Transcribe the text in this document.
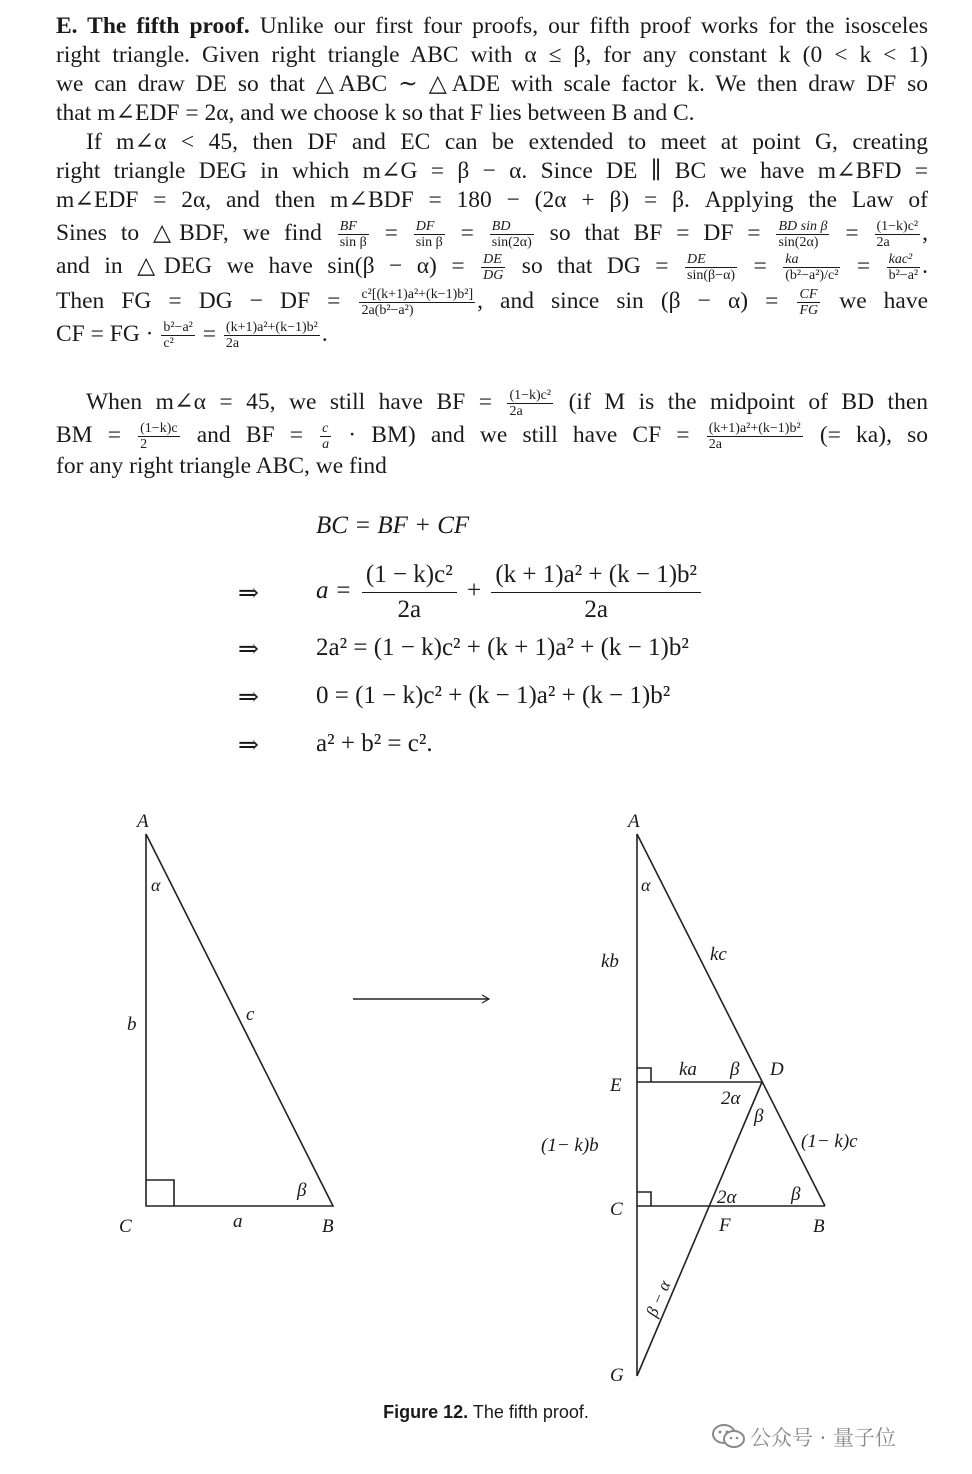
E. The fifth proof. Unlike our first four proofs, our fifth proof works for the isosceles
right triangle. Given right triangle ABC with α ≤ β, for any constant k (0 < k < 1)
we can draw DE so that △ABC ∼ △ADE with scale factor k. We then draw DF so
that m∠EDF = 2α, and we choose k so that F lies between B and C.
If m∠α < 45, then DF and EC can be extended to meet at point G, creating
right triangle DEG in which m∠G = β − α. Since DE ∥ BC we have m∠BFD =
m∠EDF = 2α, and then m∠BDF = 180 − (2α + β) = β. Applying the Law of
Sines to △BDF, we find $\frac{BF}{\text{sin β}} = \frac{DF}{\text{sin β}} = \frac{BD}{\sin(2\alpha)}$ so that BF = DF = $\frac{\text{BD sin β}}{\sin(2\alpha)} = \frac{\text{(1−k)c²}}{2a}$ ,
and in △DEG we have $\sin(\beta - \alpha) = \frac{DE}{DG}$ so that DG = $\frac{DE}{\sin(\beta-\alpha)} = \frac{ka}{\text{(b²−a²)/c²}} = \frac{\text{kac²}}{\text{b²−a²}}$ .
Then FG = DG − DF = $\frac{\text{c²[(k+1)a²+(k−1)b²]}}{\text{2a(b²−a²)}}$ , and since $\sin (\beta - \alpha) = \frac{CF}{FG}$ we have
CF = FG · $\frac{\text{b²−a²}}{\text{c²}} = \frac{\text{(k+1)a²+(k−1)b²}}{2a}$ .
When m∠α = 45, we still have BF = $\frac{\text{(1−k)c²}}{2a} (if$ M is the midpoint of BD then
BM = $\frac{(1-k)c}{2}$ and BF = $\frac{c}{a} \cdot BM$) and we still have CF = $\frac{\text{(k+1)a²+(k−1)b²}}{2a}$ (= ka), so
for any right triangle ABC, we find
BC = BF + CF
⇒ $a = \frac{\text{(1 − k)c²}}{2a} + \frac{\text{(k + 1)a² + (k − 1)b²}}{2a}$
⇒ 2a² = (1 − k)c² + (k + 1)a² + (k − 1)b²
⇒ 0 = (1 − k)c² + (k − 1)a² + (k − 1)b²
⇒ a² + b² = c².
A
α
b	c
β
C	a	B
A
α
kb	kc
E
ka β D
2α
β
(1− k)b	(1− k)c
C
2α	β
F	B
β − α
G
Figure 12. The fifth proof.
公众号 · 量子位
